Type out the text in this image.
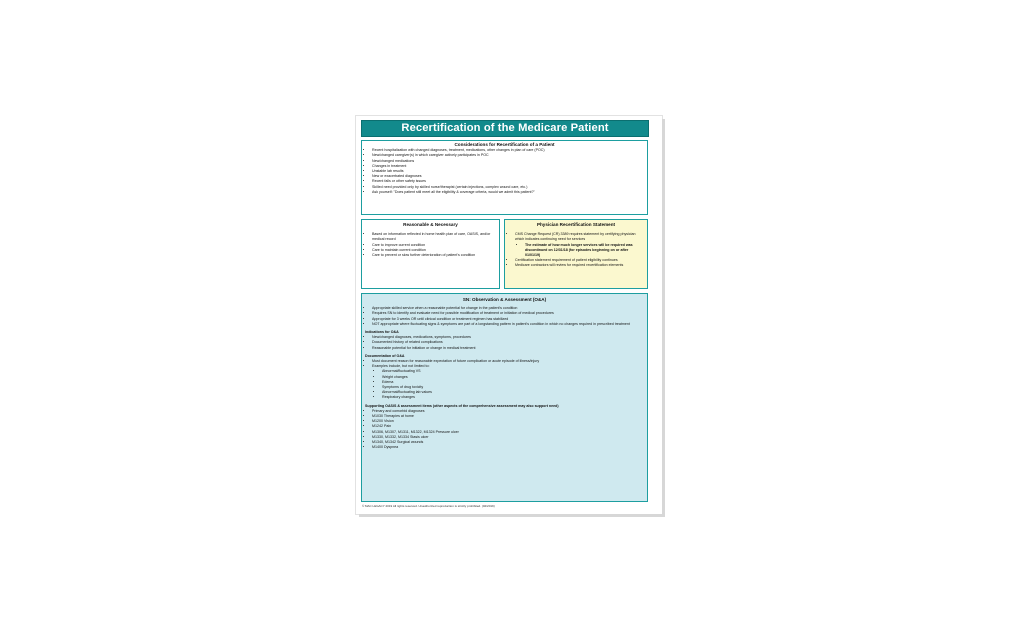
Recertification of the Medicare Patient
Considerations for Recertification of a Patient
• Recent hospitalization with changed diagnoses, treatment, medications, other changes in plan of care (POC)
• New/changed caregiver(s) in which caregiver actively participates in POC
• New/changed medications
• Changes in treatment
• Unstable lab results
• New or exacerbated diagnoses
• Recent falls or other safety issues
• Skilled need provided only by skilled nurse/therapist (certain injections, complex wound care, etc.)
• Ask yourself: "Does patient still meet all the eligibility & coverage criteria, would we admit this patient?"
Reasonable & Necessary
• Based on information reflected in home health plan of care, OASIS, and/or medical record
• Care to improve current condition
• Care to maintain current condition
• Care to prevent or slow further deterioration of patient's condition
Physician Recertification Statement
• CMS Change Request (CR) 3389 requires statement by certifying physician which indicates continuing need for services
• The estimate of how much longer services will be required was discontinued on 12/31/18 (for episodes beginning on or after 01/01/19)
• Certification statement requirement of patient eligibility continues
• Medicare contractors will review for required recertification elements
SN: Observation & Assessment (O&A)
• Appropriate skilled service when a reasonable potential for change in the patient's condition
• Requires SN to identify and evaluate need for possible modification of treatment or initiation of medical procedures
• Appropriate for 3 weeks OR until clinical condition or treatment regimen has stabilized
• NOT appropriate where fluctuating signs & symptoms are part of a longstanding pattern in patient's condition in which no changes required in prescribed treatment
Indications for O&A
• New/changed diagnoses, medications, symptoms, procedures
• Documented history of related complications
• Reasonable potential for initiation or change in medical treatment
Documentation of O&A
• Must document reason for reasonable expectation of future complication or acute episode of illness/injury
• Examples include, but not limited to:
• Abnormal/fluctuating VS
• Weight changes
• Edema
• Symptoms of drug toxicity
• Abnormal/fluctuating lab values
• Respiratory changes
Supporting OASIS & assessment items (other aspects of the comprehensive assessment may also support need)
• Primary and comorbid diagnoses
• M1030 Therapies at home
• M1200 Vision
• M1242 Pain
• M1306, M1307, M1311, M1322, M1324 Pressure ulcer
• M1330, M1332, M1334 Stasis ulcer
• M1340, M1342 Surgical wounds
• M1400 Dyspnea
© MAC LEGACY 2019 All rights reserved. Unauthorized reproduction is strictly prohibited. (02/2019)
